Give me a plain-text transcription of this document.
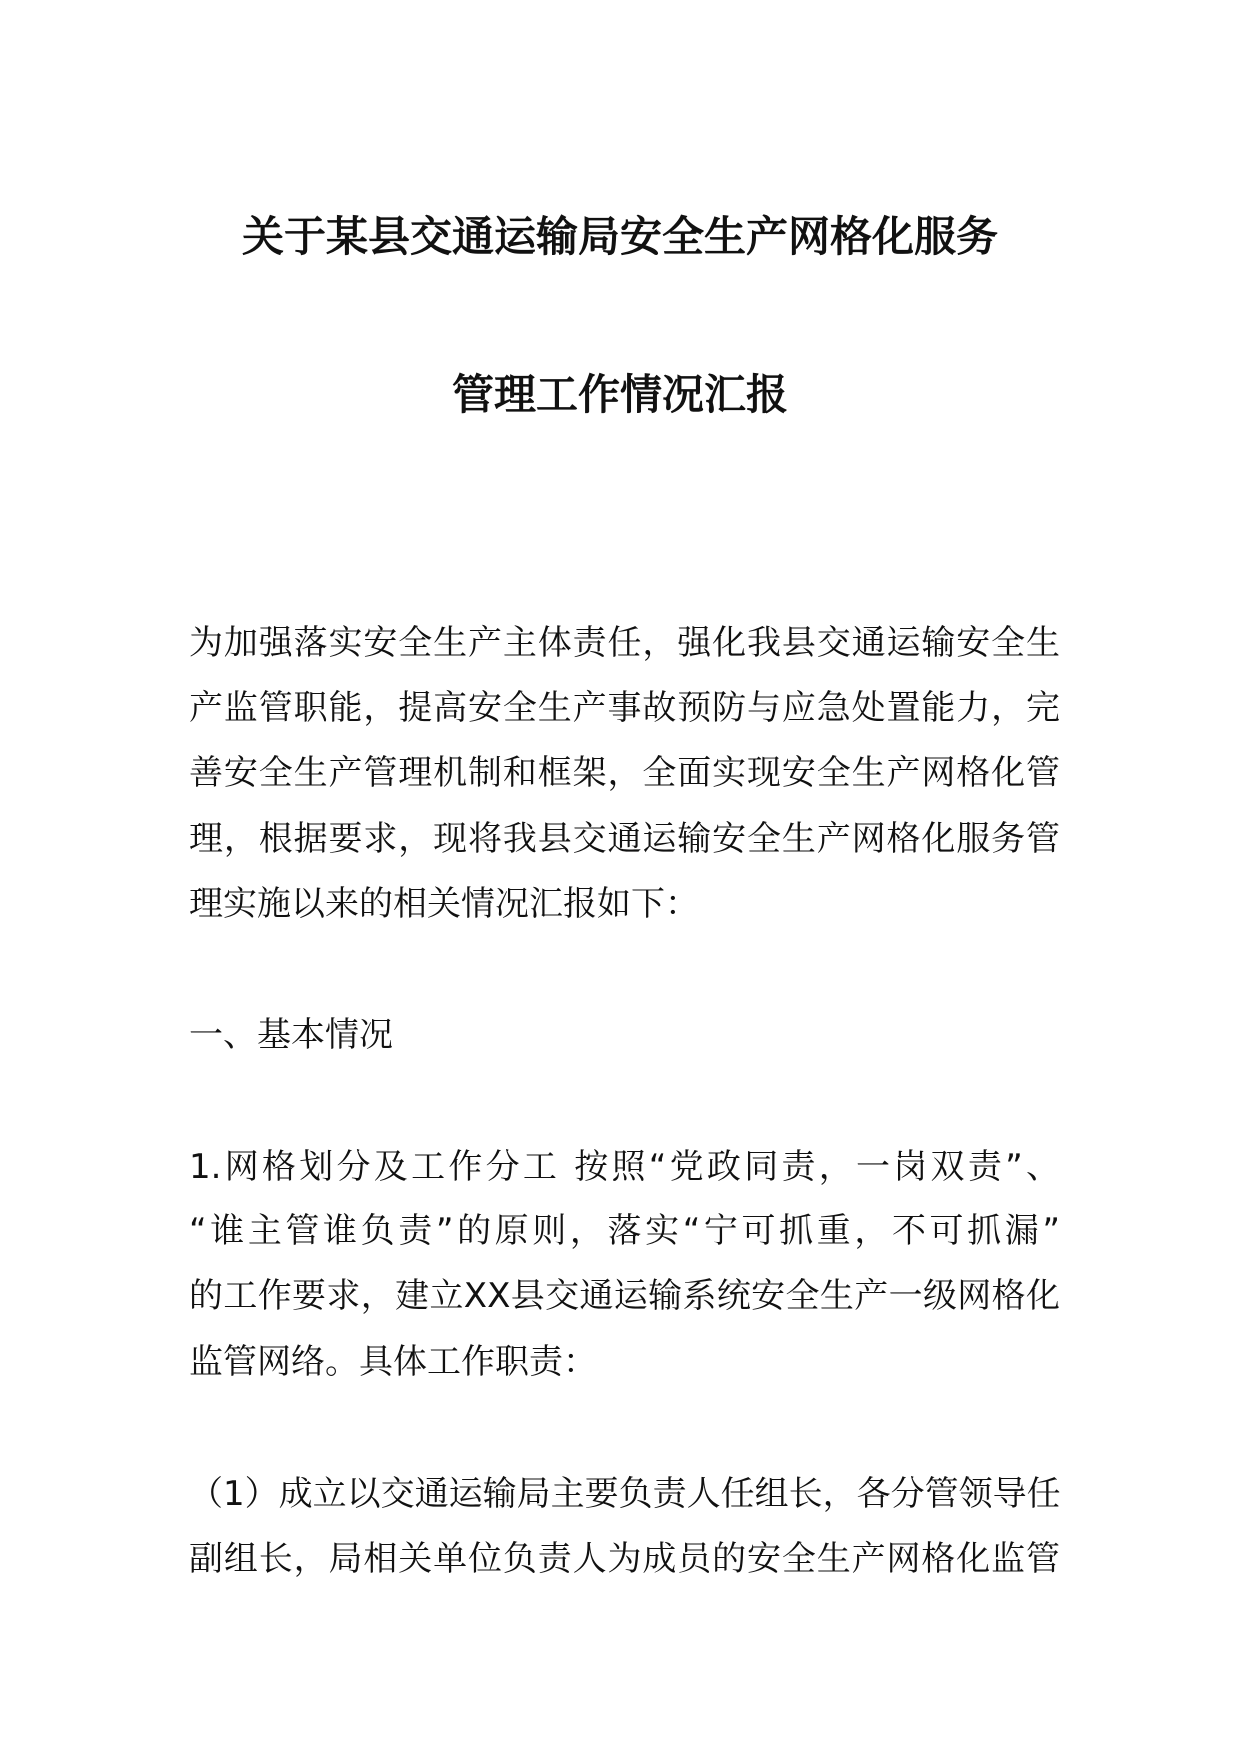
关于某县交通运输局安全生产网格化服务
管理工作情况汇报
为加强落实安全生产主体责任，强化我县交通运输安全生
产监管职能，提高安全生产事故预防与应急处置能力，完
善安全生产管理机制和框架，全面实现安全生产网格化管
理，根据要求，现将我县交通运输安全生产网格化服务管
理实施以来的相关情况汇报如下：
一、基本情况
1.网格划分及工作分工 按照“党政同责，一岗双责”、
“谁主管谁负责”的原则，落实“宁可抓重，不可抓漏”
的工作要求，建立XX县交通运输系统安全生产一级网格化
监管网络。具体工作职责：
（1）成立以交通运输局主要负责人任组长，各分管领导任
副组长，局相关单位负责人为成员的安全生产网格化监管
